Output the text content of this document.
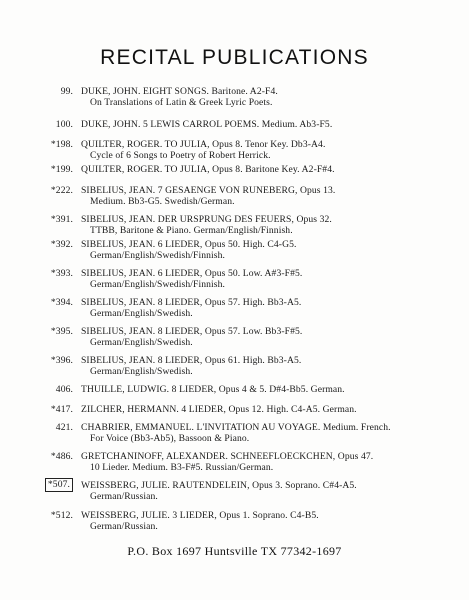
RECITAL PUBLICATIONS
99. DUKE, JOHN. EIGHT SONGS. Baritone. A2-F4.
On Translations of Latin & Greek Lyric Poets.
100. DUKE, JOHN. 5 LEWIS CARROL POEMS. Medium. Ab3-F5.
*198. QUILTER, ROGER. TO JULIA, Opus 8. Tenor Key. Db3-A4.
Cycle of 6 Songs to Poetry of Robert Herrick.
*199. QUILTER, ROGER. TO JULIA, Opus 8. Baritone Key. A2-F#4.
*222. SIBELIUS, JEAN. 7 GESAENGE VON RUNEBERG, Opus 13.
Medium. Bb3-G5. Swedish/German.
*391. SIBELIUS, JEAN. DER URSPRUNG DES FEUERS, Opus 32.
TTBB, Baritone & Piano. German/English/Finnish.
*392. SIBELIUS, JEAN. 6 LIEDER, Opus 50. High. C4-G5.
German/English/Swedish/Finnish.
*393. SIBELIUS, JEAN. 6 LIEDER, Opus 50. Low. A#3-F#5.
German/English/Swedish/Finnish.
*394. SIBELIUS, JEAN. 8 LIEDER, Opus 57. High. Bb3-A5.
German/English/Swedish.
*395. SIBELIUS, JEAN. 8 LIEDER, Opus 57. Low. Bb3-F#5.
German/English/Swedish.
*396. SIBELIUS, JEAN. 8 LIEDER, Opus 61. High. Bb3-A5.
German/English/Swedish.
406. THUILLE, LUDWIG. 8 LIEDER, Opus 4 & 5. D#4-Bb5. German.
*417. ZILCHER, HERMANN. 4 LIEDER, Opus 12. High. C4-A5. German.
421. CHABRIER, EMMANUEL. L'INVITATION AU VOYAGE. Medium. French.
For Voice (Bb3-Ab5), Bassoon & Piano.
*486. GRETCHANINOFF, ALEXANDER. SCHNEEFLOECKCHEN, Opus 47.
10 Lieder. Medium. B3-F#5. Russian/German.
*507.	WEISSBERG, JULIE. RAUTENDELEIN, Opus 3. Soprano. C#4-A5.
German/Russian.
*512. WEISSBERG, JULIE. 3 LIEDER, Opus 1. Soprano. C4-B5.
German/Russian.
P.O. Box 1697 Huntsville TX 77342-1697
